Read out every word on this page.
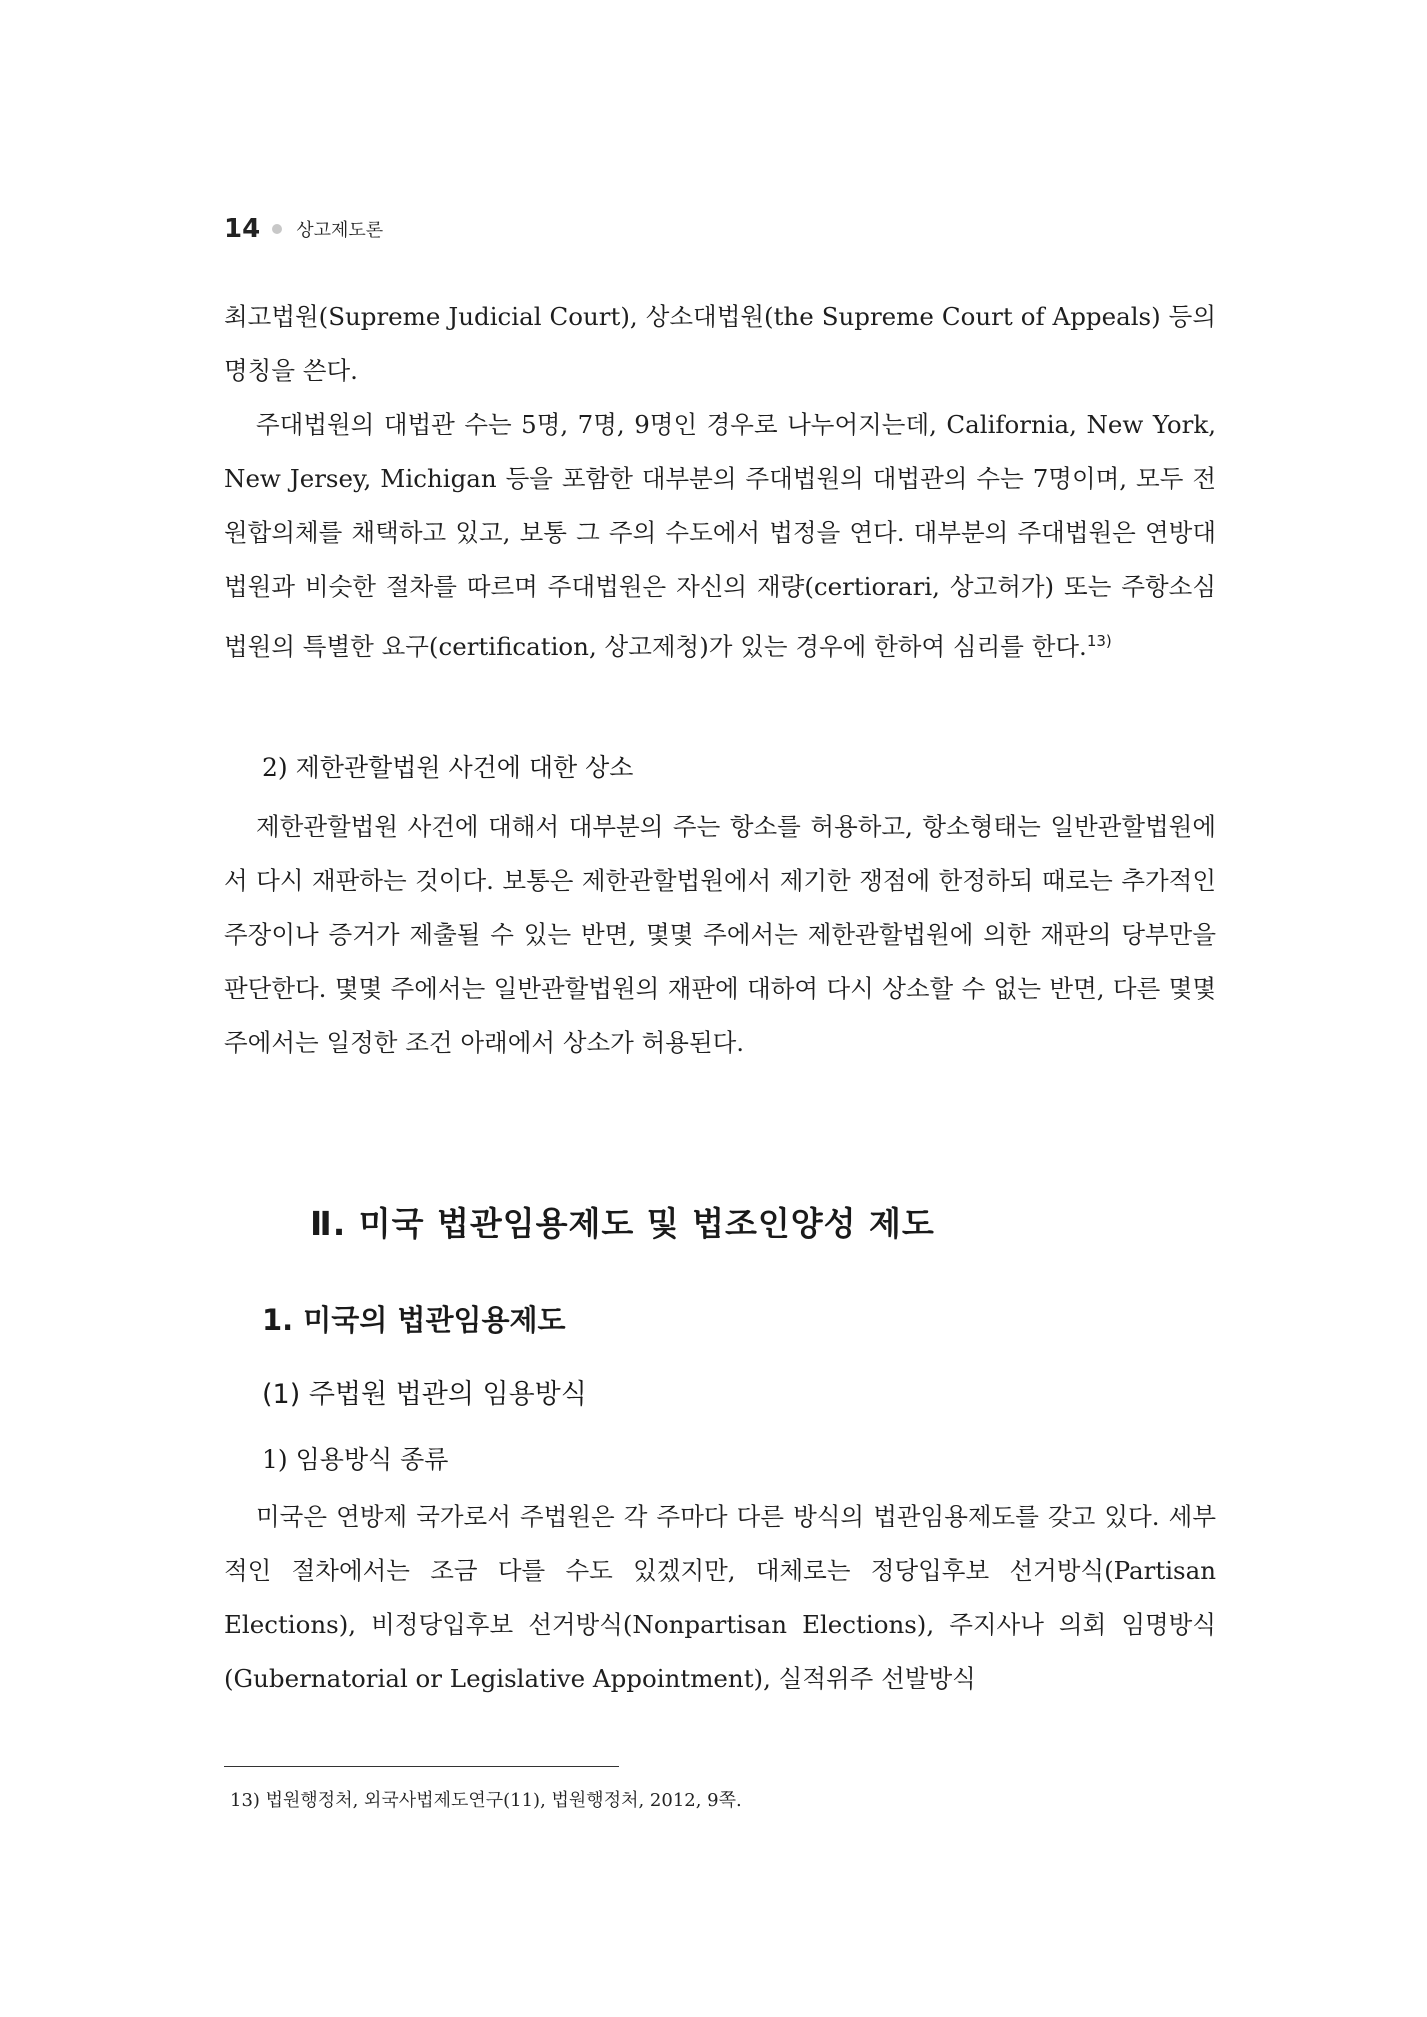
14 상고제도론

최고법원(Supreme Judicial Court), 상소대법원(the Supreme Court of Appeals) 등의 명칭을 쓴다.

주대법원의 대법관 수는 5명, 7명, 9명인 경우로 나누어지는데, California, New York, New Jersey, Michigan 등을 포함한 대부분의 주대법원의 대법관의 수는 7명이며, 모두 전원합의체를 채택하고 있고, 보통 그 주의 수도에서 법정을 연다. 대부분의 주대법원은 연방대법원과 비슷한 절차를 따르며 주대법원은 자신의 재량(certiorari, 상고허가) 또는 주항소심 법원의 특별한 요구(certification, 상고제청)가 있는 경우에 한하여 심리를 한다.$^{13)}$

2) 제한관할법원 사건에 대한 상소

제한관할법원 사건에 대해서 대부분의 주는 항소를 허용하고, 항소형태는 일반관할법원에서 다시 재판하는 것이다. 보통은 제한관할법원에서 제기한 쟁점에 한정하되 때로는 추가적인 주장이나 증거가 제출될 수 있는 반면, 몇몇 주에서는 제한관할법원에 의한 재판의 당부만을 판단한다. 몇몇 주에서는 일반관할법원의 재판에 대하여 다시 상소할 수 없는 반면, 다른 몇몇 주에서는 일정한 조건 아래에서 상소가 허용된다.

Ⅱ. 미국 법관임용제도 및 법조인양성 제도
1. 미국의 법관임용제도
(1) 주법원 법관의 임용방식
1) 임용방식 종류

미국은 연방제 국가로서 주법원은 각 주마다 다른 방식의 법관임용제도를 갖고 있다. 세부적인 절차에서는 조금 다를 수도 있겠지만, 대체로는 정당입후보 선거방식(Partisan Elections), 비정당입후보 선거방식(Nonpartisan Elections), 주지사나 의회 임명방식(Gubernatorial or Legislative Appointment), 실적위주 선발방식

13) 법원행정처, 외국사법제도연구(11), 법원행정처, 2012, 9쪽.
